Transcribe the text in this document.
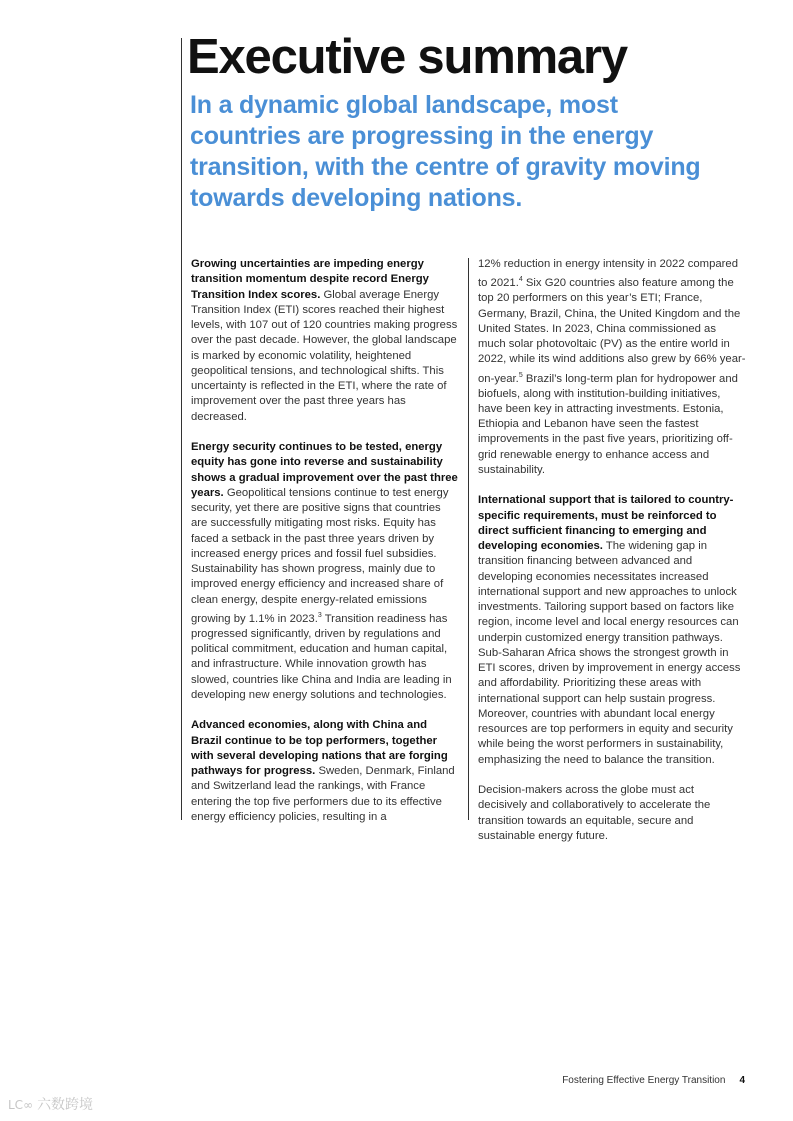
Executive summary
In a dynamic global landscape, most countries are progressing in the energy transition, with the centre of gravity moving towards developing nations.

Growing uncertainties are impeding energy transition momentum despite record Energy Transition Index scores. Global average Energy Transition Index (ETI) scores reached their highest levels, with 107 out of 120 countries making progress over the past decade. However, the global landscape is marked by economic volatility, heightened geopolitical tensions, and technological shifts. This uncertainty is reflected in the ETI, where the rate of improvement over the past three years has decreased.

Energy security continues to be tested, energy equity has gone into reverse and sustainability shows a gradual improvement over the past three years. Geopolitical tensions continue to test energy security, yet there are positive signs that countries are successfully mitigating most risks. Equity has faced a setback in the past three years driven by increased energy prices and fossil fuel subsidies. Sustainability has shown progress, mainly due to improved energy efficiency and increased share of clean energy, despite energy-related emissions growing by 1.1% in 2023.$^3$ Transition readiness has progressed significantly, driven by regulations and political commitment, education and human capital, and infrastructure. While innovation growth has slowed, countries like China and India are leading in developing new energy solutions and technologies.

Advanced economies, along with China and Brazil continue to be top performers, together with several developing nations that are forging pathways for progress. Sweden, Denmark, Finland and Switzerland lead the rankings, with France entering the top five performers due to its effective energy efficiency policies, resulting in a

12% reduction in energy intensity in 2022 compared to 2021.$^4$ Six G20 countries also feature among the top 20 performers on this year’s ETI; France, Germany, Brazil, China, the United Kingdom and the United States. In 2023, China commissioned as much solar photovoltaic (PV) as the entire world in 2022, while its wind additions also grew by 66% year-on-year.$^5$ Brazil’s long-term plan for hydropower and biofuels, along with institution-building initiatives, have been key in attracting investments. Estonia, Ethiopia and Lebanon have seen the fastest improvements in the past five years, prioritizing off-grid renewable energy to enhance access and sustainability.

International support that is tailored to country-specific requirements, must be reinforced to direct sufficient financing to emerging and developing economies. The widening gap in transition financing between advanced and developing economies necessitates increased international support and new approaches to unlock investments. Tailoring support based on factors like region, income level and local energy resources can underpin customized energy transition pathways. Sub-Saharan Africa shows the strongest growth in ETI scores, driven by improvement in energy access and affordability. Prioritizing these areas with international support can help sustain progress. Moreover, countries with abundant local energy resources are top performers in equity and security while being the worst performers in sustainability, emphasizing the need to balance the transition.

Decision-makers across the globe must act decisively and collaboratively to accelerate the transition towards an equitable, secure and sustainable energy future.

Fostering Effective Energy Transition 4
LC∞ 六数跨境
